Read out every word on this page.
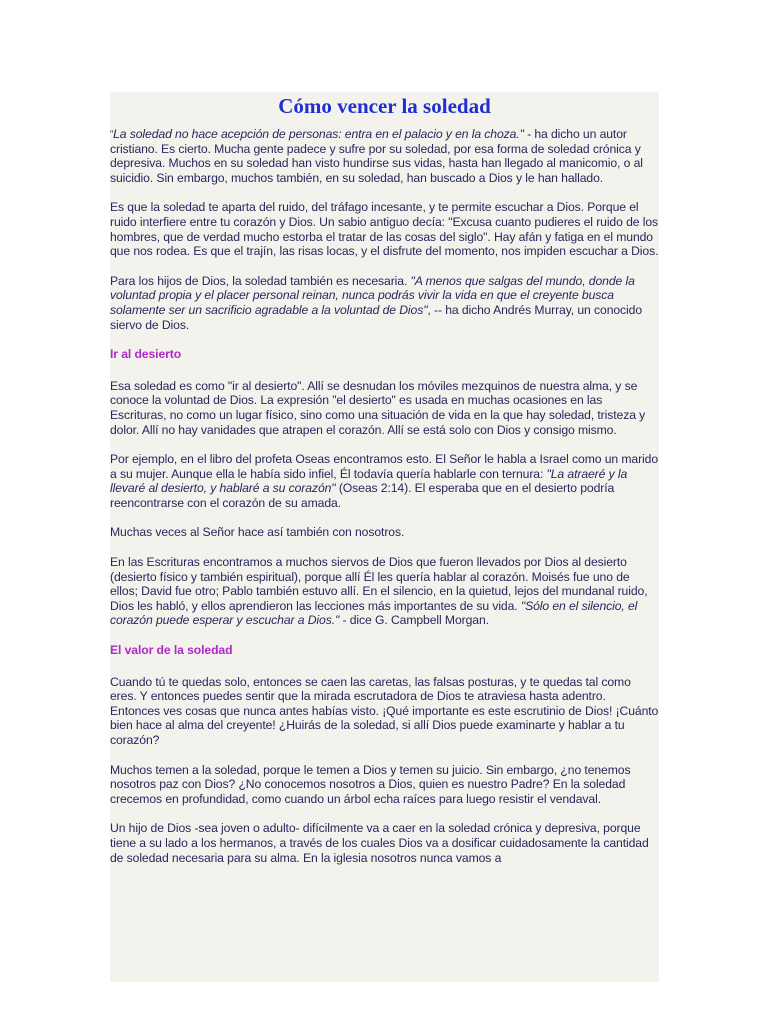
Cómo vencer la soledad

"La soledad no hace acepción de personas: entra en el palacio y en la choza." - ha dicho un autor cristiano. Es cierto. Mucha gente padece y sufre por su soledad, por esa forma de soledad crónica y depresiva. Muchos en su soledad han visto hundirse sus vidas, hasta han llegado al manicomio, o al suicidio. Sin embargo, muchos también, en su soledad, han buscado a Dios y le han hallado.

Es que la soledad te aparta del ruido, del tráfago incesante, y te permite escuchar a Dios. Porque el ruido interfiere entre tu corazón y Dios. Un sabio antiguo decía: "Excusa cuanto pudieres el ruido de los hombres, que de verdad mucho estorba el tratar de las cosas del siglo". Hay afán y fatiga en el mundo que nos rodea. Es que el trajín, las risas locas, y el disfrute del momento, nos impiden escuchar a Dios.

Para los hijos de Dios, la soledad también es necesaria. "A menos que salgas del mundo, donde la voluntad propia y el placer personal reinan, nunca podrás vivir la vida en que el creyente busca solamente ser un sacrificio agradable a la voluntad de Dios", -- ha dicho Andrés Murray, un conocido siervo de Dios.

Ir al desierto

Esa soledad es como "ir al desierto". Allí se desnudan los móviles mezquinos de nuestra alma, y se conoce la voluntad de Dios. La expresión "el desierto" es usada en muchas ocasiones en las Escrituras, no como un lugar físico, sino como una situación de vida en la que hay soledad, tristeza y dolor. Allí no hay vanidades que atrapen el corazón. Allí se está solo con Dios y consigo mismo.

Por ejemplo, en el libro del profeta Oseas encontramos esto. El Señor le habla a Israel como un marido a su mujer. Aunque ella le había sido infiel, Él todavía quería hablarle con ternura: "La atraeré y la llevaré al desierto, y hablaré a su corazón" (Oseas 2:14). El esperaba que en el desierto podría reencontrarse con el corazón de su amada.

Muchas veces al Señor hace así también con nosotros.

En las Escrituras encontramos a muchos siervos de Dios que fueron llevados por Dios al desierto (desierto físico y también espiritual), porque allí Él les quería hablar al corazón. Moisés fue uno de ellos; David fue otro; Pablo también estuvo allí. En el silencio, en la quietud, lejos del mundanal ruido, Dios les habló, y ellos aprendieron las lecciones más importantes de su vida. "Sólo en el silencio, el corazón puede esperar y escuchar a Dios." - dice G. Campbell Morgan.

El valor de la soledad

Cuando tú te quedas solo, entonces se caen las caretas, las falsas posturas, y te quedas tal como eres. Y entonces puedes sentir que la mirada escrutadora de Dios te atraviesa hasta adentro. Entonces ves cosas que nunca antes habías visto. ¡Qué importante es este escrutinio de Dios! ¡Cuánto bien hace al alma del creyente! ¿Huirás de la soledad, si allí Dios puede examinarte y hablar a tu corazón?

Muchos temen a la soledad, porque le temen a Dios y temen su juicio. Sin embargo, ¿no tenemos nosotros paz con Dios? ¿No conocemos nosotros a Dios, quien es nuestro Padre? En la soledad crecemos en profundidad, como cuando un árbol echa raíces para luego resistir el vendaval.

Un hijo de Dios -sea joven o adulto- difícilmente va a caer en la soledad crónica y depresiva, porque tiene a su lado a los hermanos, a través de los cuales Dios va a dosificar cuidadosamente la cantidad de soledad necesaria para su alma. En la iglesia nosotros nunca vamos a
